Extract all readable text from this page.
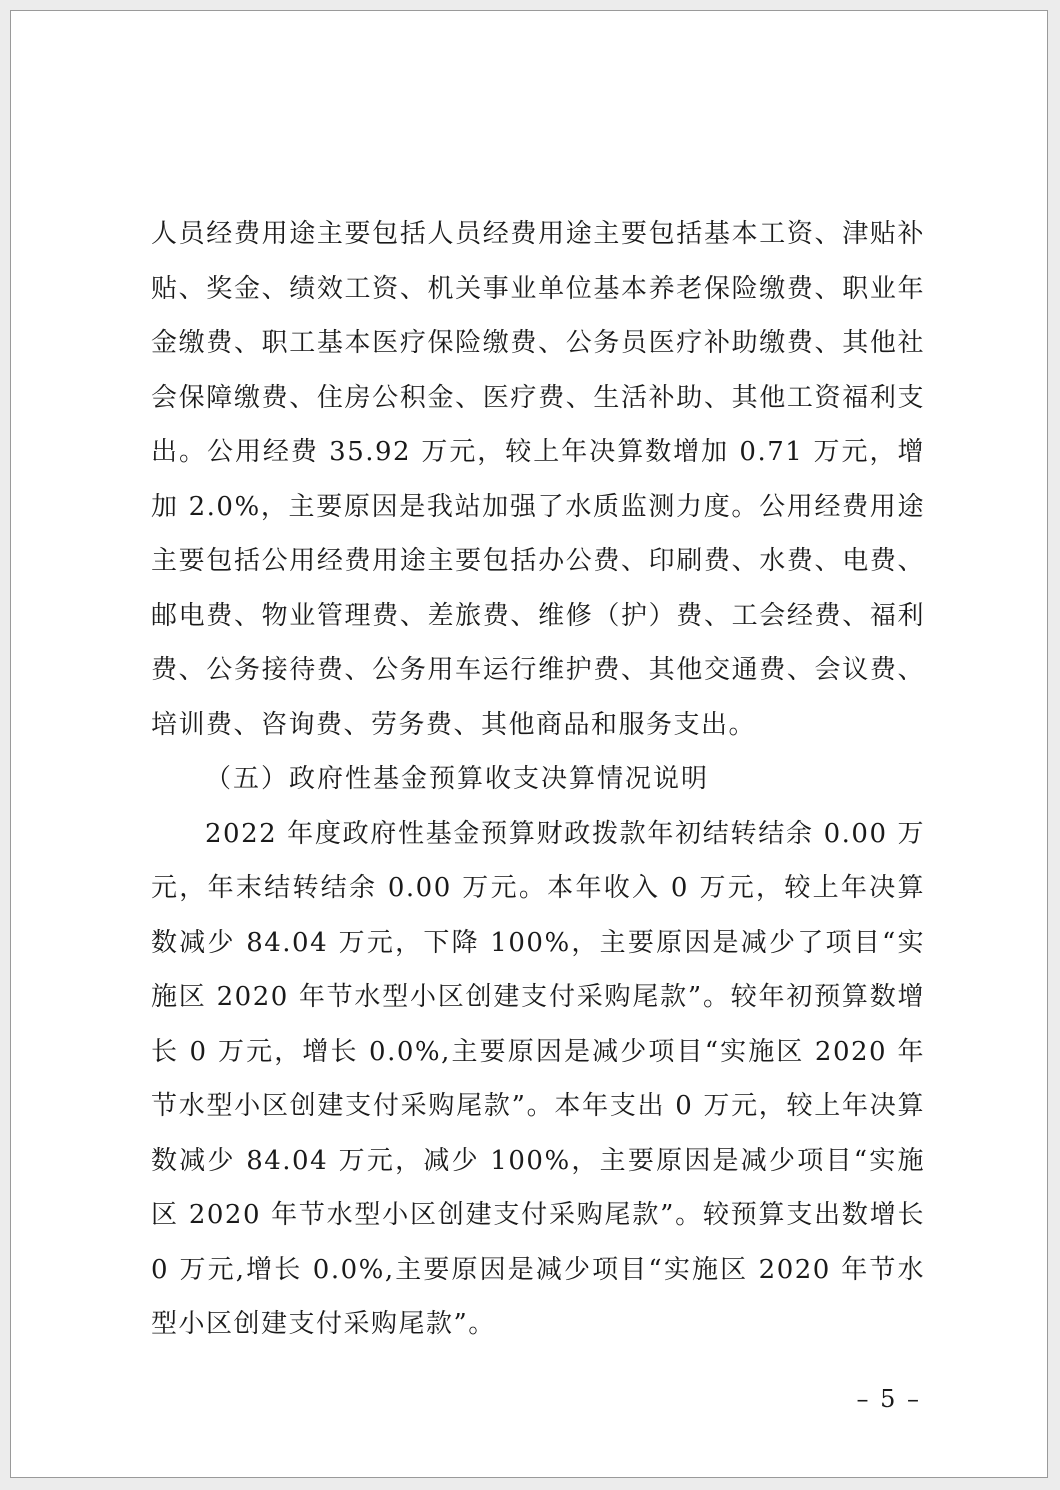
人员经费用途主要包括人员经费用途主要包括基本工资、津贴补贴、奖金、绩效工资、机关事业单位基本养老保险缴费、职业年金缴费、职工基本医疗保险缴费、公务员医疗补助缴费、其他社会保障缴费、住房公积金、医疗费、生活补助、其他工资福利支出。公用经费 35.92 万元，较上年决算数增加 0.71 万元，增加 2.0%，主要原因是我站加强了水质监测力度。公用经费用途主要包括公用经费用途主要包括办公费、印刷费、水费、电费、邮电费、物业管理费、差旅费、维修（护）费、工会经费、福利费、公务接待费、公务用车运行维护费、其他交通费、会议费、培训费、咨询费、劳务费、其他商品和服务支出。

（五）政府性基金预算收支决算情况说明

2022 年度政府性基金预算财政拨款年初结转结余 0.00 万元，年末结转结余 0.00 万元。本年收入 0 万元，较上年决算数减少 84.04 万元，下降 100%，主要原因是减少了项目“实施区 2020 年节水型小区创建支付采购尾款”。较年初预算数增长 0 万元，增长 0.0%,主要原因是减少项目“实施区 2020 年节水型小区创建支付采购尾款”。本年支出 0 万元，较上年决算数减少 84.04 万元，减少 100%，主要原因是减少项目“实施区 2020 年节水型小区创建支付采购尾款”。较预算支出数增长 0 万元,增长 0.0%,主要原因是减少项目“实施区 2020 年节水型小区创建支付采购尾款”。

– 5 –
